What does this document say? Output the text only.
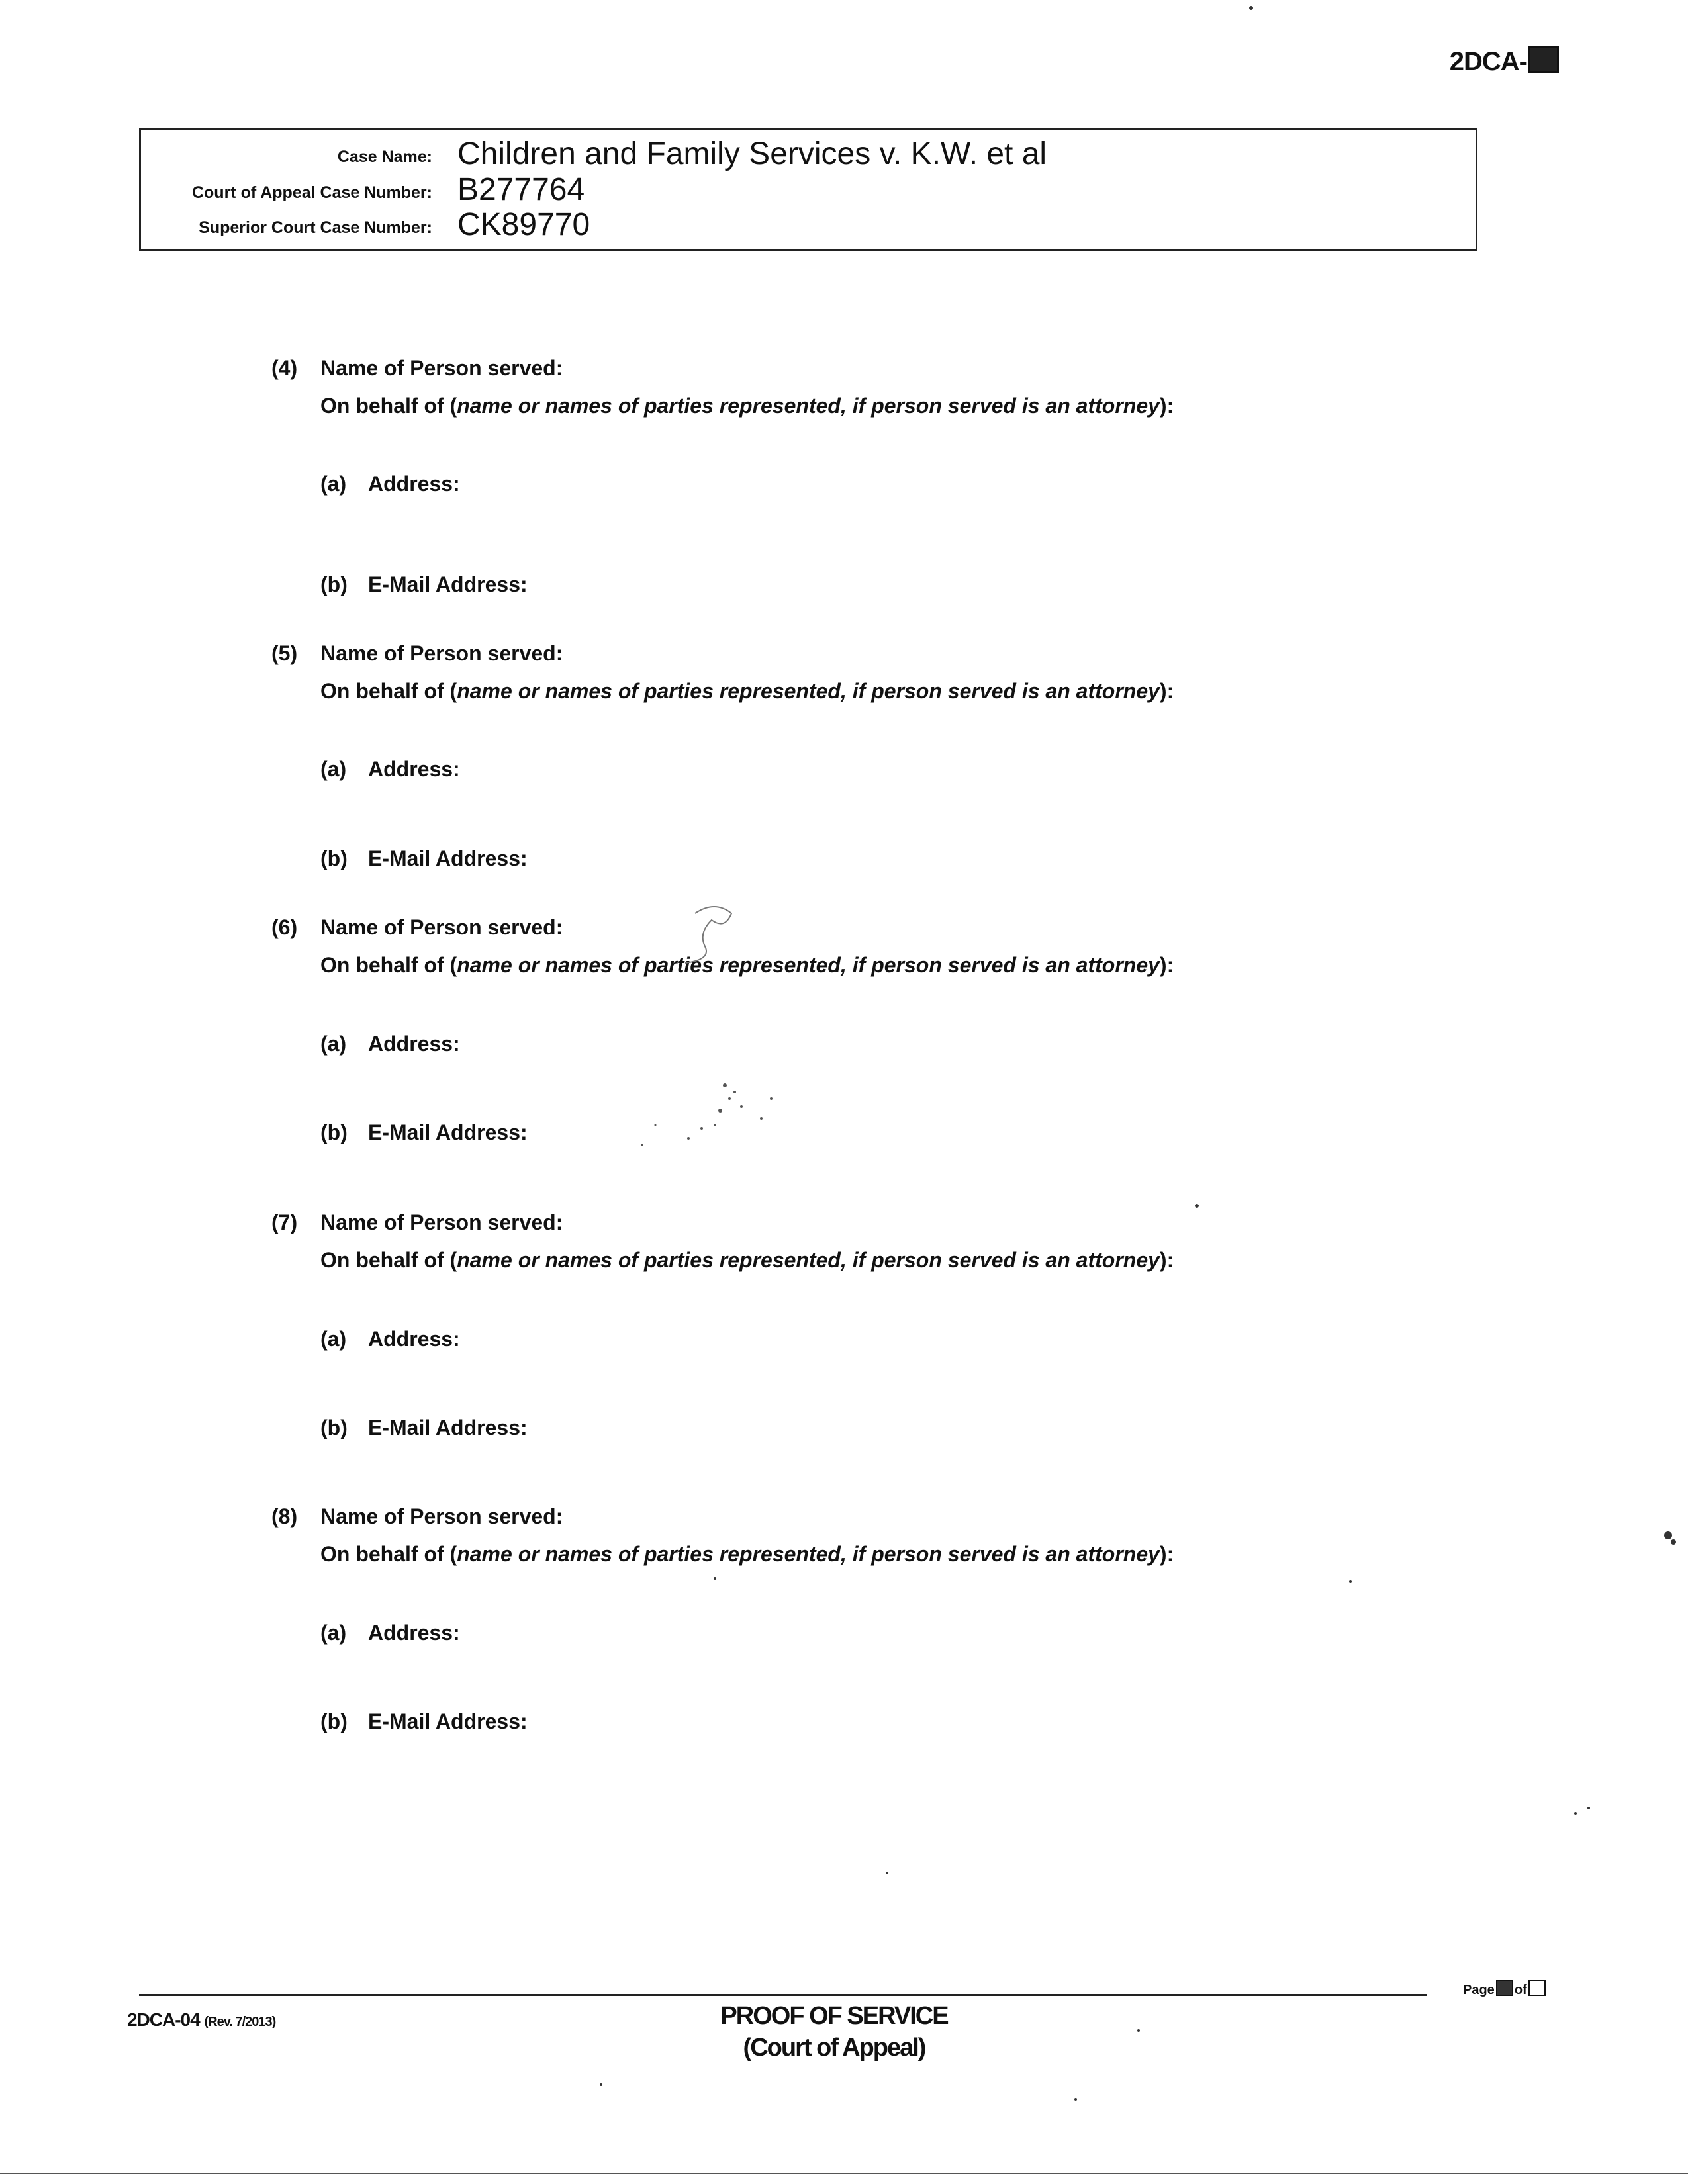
2DCA-
Case Name: Children and Family Services v. K.W. et al
Court of Appeal Case Number: B277764
Superior Court Case Number: CK89770
(4) Name of Person served:
On behalf of (name or names of parties represented, if person served is an attorney):
(a) Address:
(b) E-Mail Address:
(5) Name of Person served:
On behalf of (name or names of parties represented, if person served is an attorney):
(a) Address:
(b) E-Mail Address:
(6) Name of Person served:
On behalf of (name or names of parties represented, if person served is an attorney):
(a) Address:
(b) E-Mail Address:
(7) Name of Person served:
On behalf of (name or names of parties represented, if person served is an attorney):
(a) Address:
(b) E-Mail Address:
(8) Name of Person served:
On behalf of (name or names of parties represented, if person served is an attorney):
(a) Address:
(b) E-Mail Address:
Page of
2DCA-04 (Rev. 7/2013)	PROOF OF SERVICE
(Court of Appeal)
